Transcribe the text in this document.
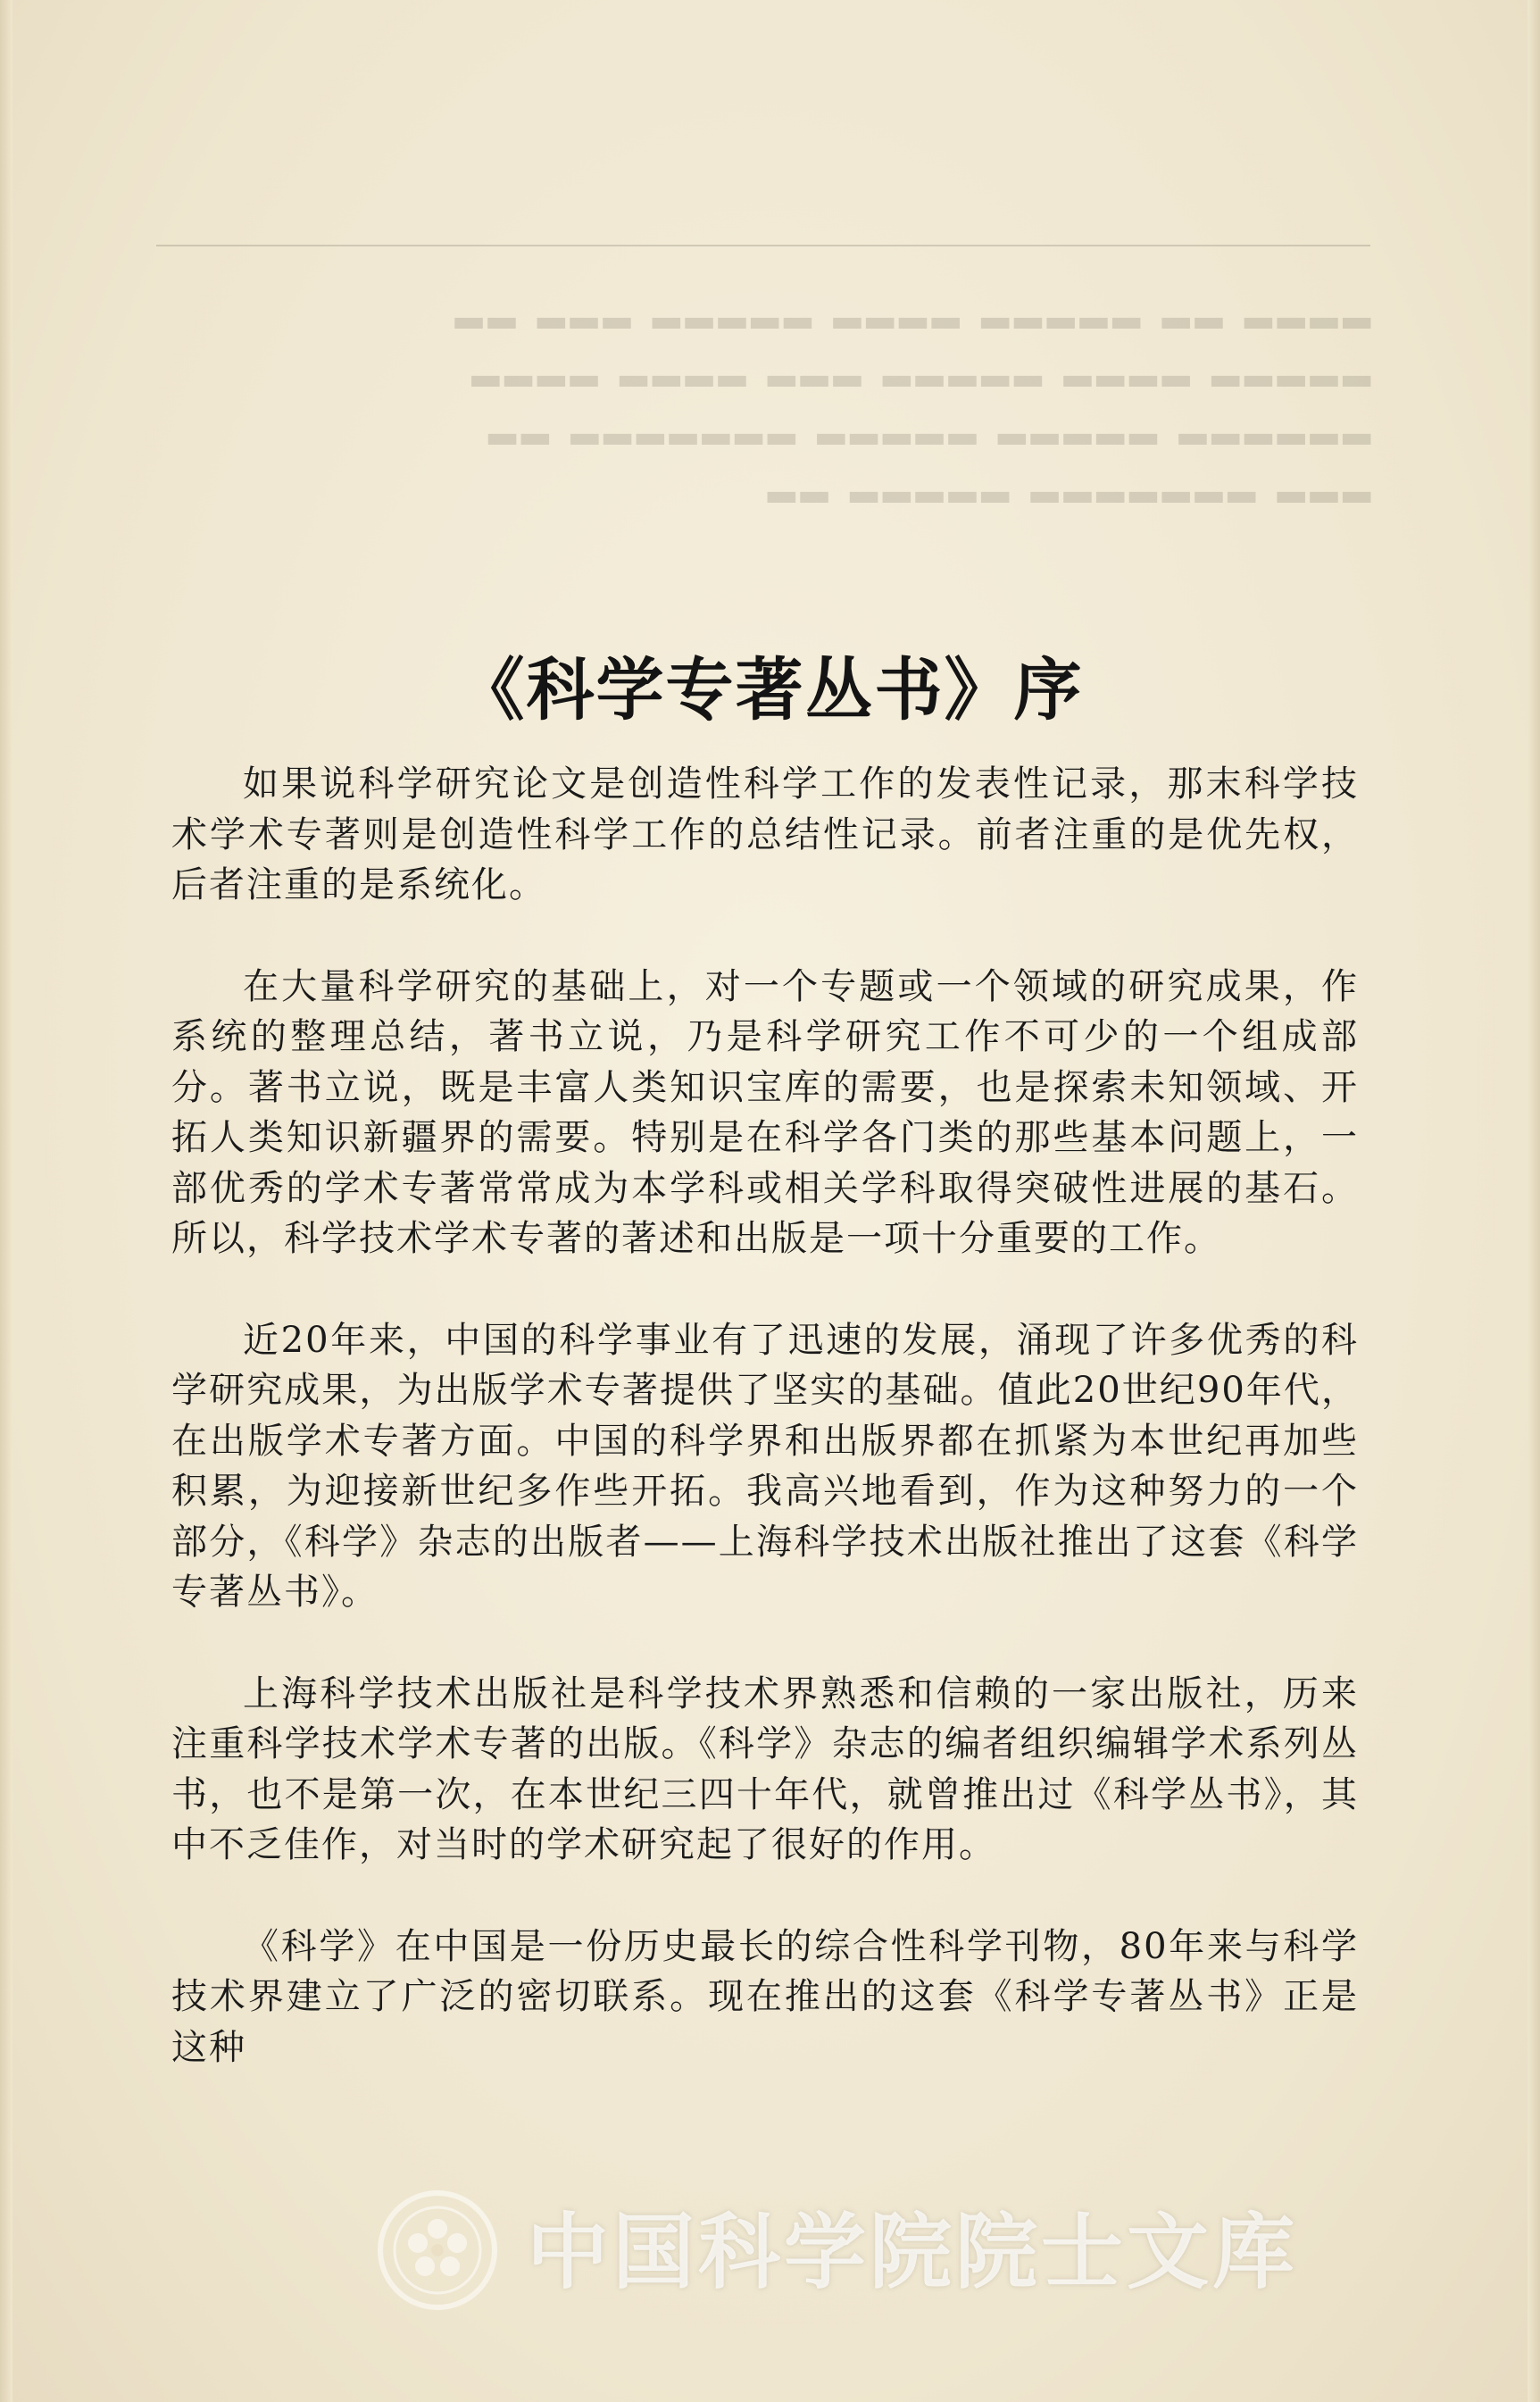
▂▂▂▂ ▂▂ ▂▂▂▂▂ ▂▂▂▂ ▂▂▂▂▂ ▂▂▂ ▂▂
▂▂▂▂▂ ▂▂▂▂ ▂▂▂▂▂ ▂▂▂ ▂▂▂▂ ▂▂▂▂
▂▂▂▂▂▂ ▂▂▂▂▂ ▂▂▂▂▂ ▂▂▂▂▂▂▂ ▂▂
▂▂▂ ▂▂▂▂▂▂▂ ▂▂▂▂▂ ▂▂
《科学专著丛书》序

如果说科学研究论文是创造性科学工作的发表性记录，那末科学技术学术专著则是创造性科学工作的总结性记录。前者注重的是优先权，后者注重的是系统化。

在大量科学研究的基础上，对一个专题或一个领域的研究成果，作系统的整理总结，著书立说，乃是科学研究工作不可少的一个组成部分。著书立说，既是丰富人类知识宝库的需要，也是探索未知领域、开拓人类知识新疆界的需要。特别是在科学各门类的那些基本问题上，一部优秀的学术专著常常成为本学科或相关学科取得突破性进展的基石。所以，科学技术学术专著的著述和出版是一项十分重要的工作。

近20年来，中国的科学事业有了迅速的发展，涌现了许多优秀的科学研究成果，为出版学术专著提供了坚实的基础。值此20世纪90年代，在出版学术专著方面。中国的科学界和出版界都在抓紧为本世纪再加些积累，为迎接新世纪多作些开拓。我高兴地看到，作为这种努力的一个部分，《科学》杂志的出版者——上海科学技术出版社推出了这套《科学专著丛书》。

上海科学技术出版社是科学技术界熟悉和信赖的一家出版社，历来注重科学技术学术专著的出版。《科学》杂志的编者组织编辑学术系列丛书，也不是第一次，在本世纪三四十年代，就曾推出过《科学丛书》，其中不乏佳作，对当时的学术研究起了很好的作用。

《科学》在中国是一份历史最长的综合性科学刊物，80年来与科学技术界建立了广泛的密切联系。现在推出的这套《科学专著丛书》正是这种

中国科学院院士文库
